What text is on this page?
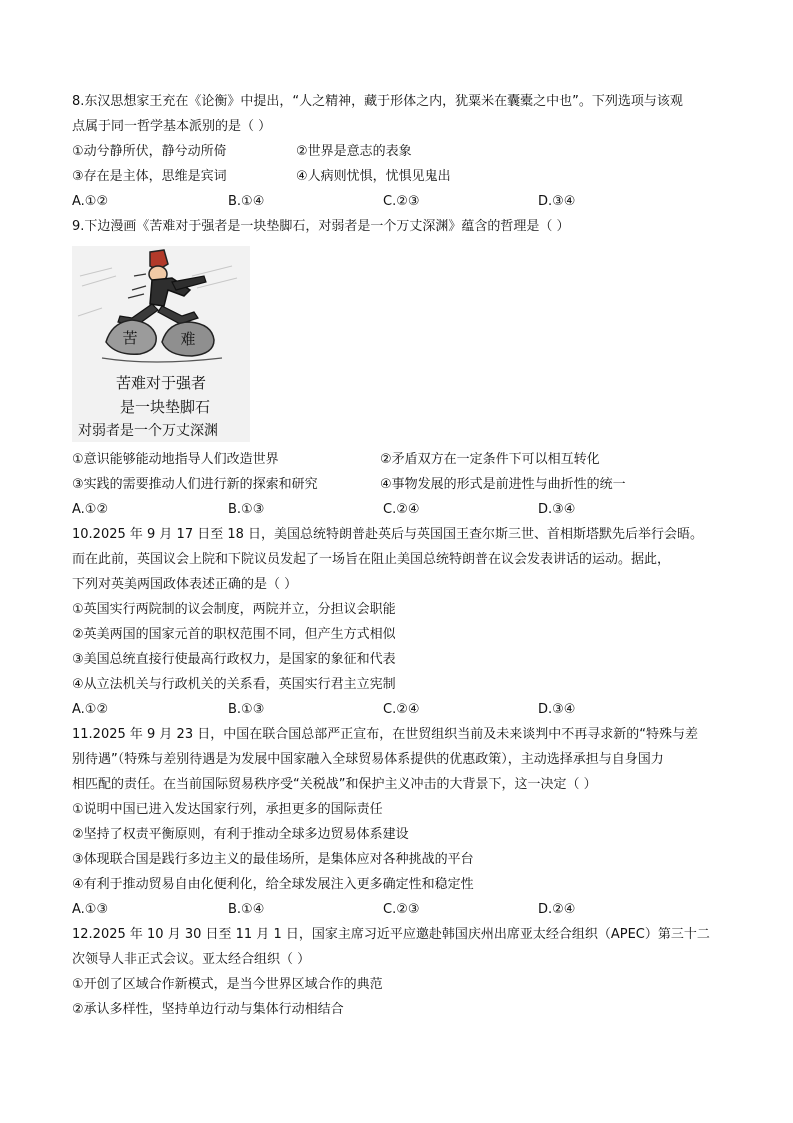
8.东汉思想家王充在《论衡》中提出，“人之精神，藏于形体之内，犹粟米在囊橐之中也”。下列选项与该观
点属于同一哲学基本派别的是（ ）
①动兮静所伏，静兮动所倚	②世界是意志的表象
③存在是主体，思维是宾词	④人病则忧惧，忧惧见鬼出
A.①②	B.①④	C.②③	D.③④
9.下边漫画《苦难对于强者是一块垫脚石，对弱者是一个万丈深渊》蕴含的哲理是（ ）
苦	难
苦难对于强者
是一块垫脚石
对弱者是一个万丈深渊
①意识能够能动地指导人们改造世界	②矛盾双方在一定条件下可以相互转化
③实践的需要推动人们进行新的探索和研究	④事物发展的形式是前进性与曲折性的统一
A.①②	B.①③	C.②④	D.③④
10.2025 年 9 月 17 日至 18 日，美国总统特朗普赴英后与英国国王查尔斯三世、首相斯塔默先后举行会晤。
而在此前，英国议会上院和下院议员发起了一场旨在阻止美国总统特朗普在议会发表讲话的运动。据此，
下列对英美两国政体表述正确的是（ ）
①英国实行两院制的议会制度，两院并立，分担议会职能
②英美两国的国家元首的职权范围不同，但产生方式相似
③美国总统直接行使最高行政权力，是国家的象征和代表
④从立法机关与行政机关的关系看，英国实行君主立宪制
A.①②	B.①③	C.②④	D.③④
11.2025 年 9 月 23 日，中国在联合国总部严正宣布，在世贸组织当前及未来谈判中不再寻求新的“特殊与差
别待遇”（特殊与差别待遇是为发展中国家融入全球贸易体系提供的优惠政策），主动选择承担与自身国力
相匹配的责任。在当前国际贸易秩序受“关税战”和保护主义冲击的大背景下，这一决定（ ）
①说明中国已进入发达国家行列，承担更多的国际责任
②坚持了权责平衡原则，有利于推动全球多边贸易体系建设
③体现联合国是践行多边主义的最佳场所，是集体应对各种挑战的平台
④有利于推动贸易自由化便利化，给全球发展注入更多确定性和稳定性
A.①③	B.①④	C.②③	D.②④
12.2025 年 10 月 30 日至 11 月 1 日，国家主席习近平应邀赴韩国庆州出席亚太经合组织（APEC）第三十二
次领导人非正式会议。亚太经合组织（ ）
①开创了区域合作新模式，是当今世界区域合作的典范
②承认多样性，坚持单边行动与集体行动相结合
